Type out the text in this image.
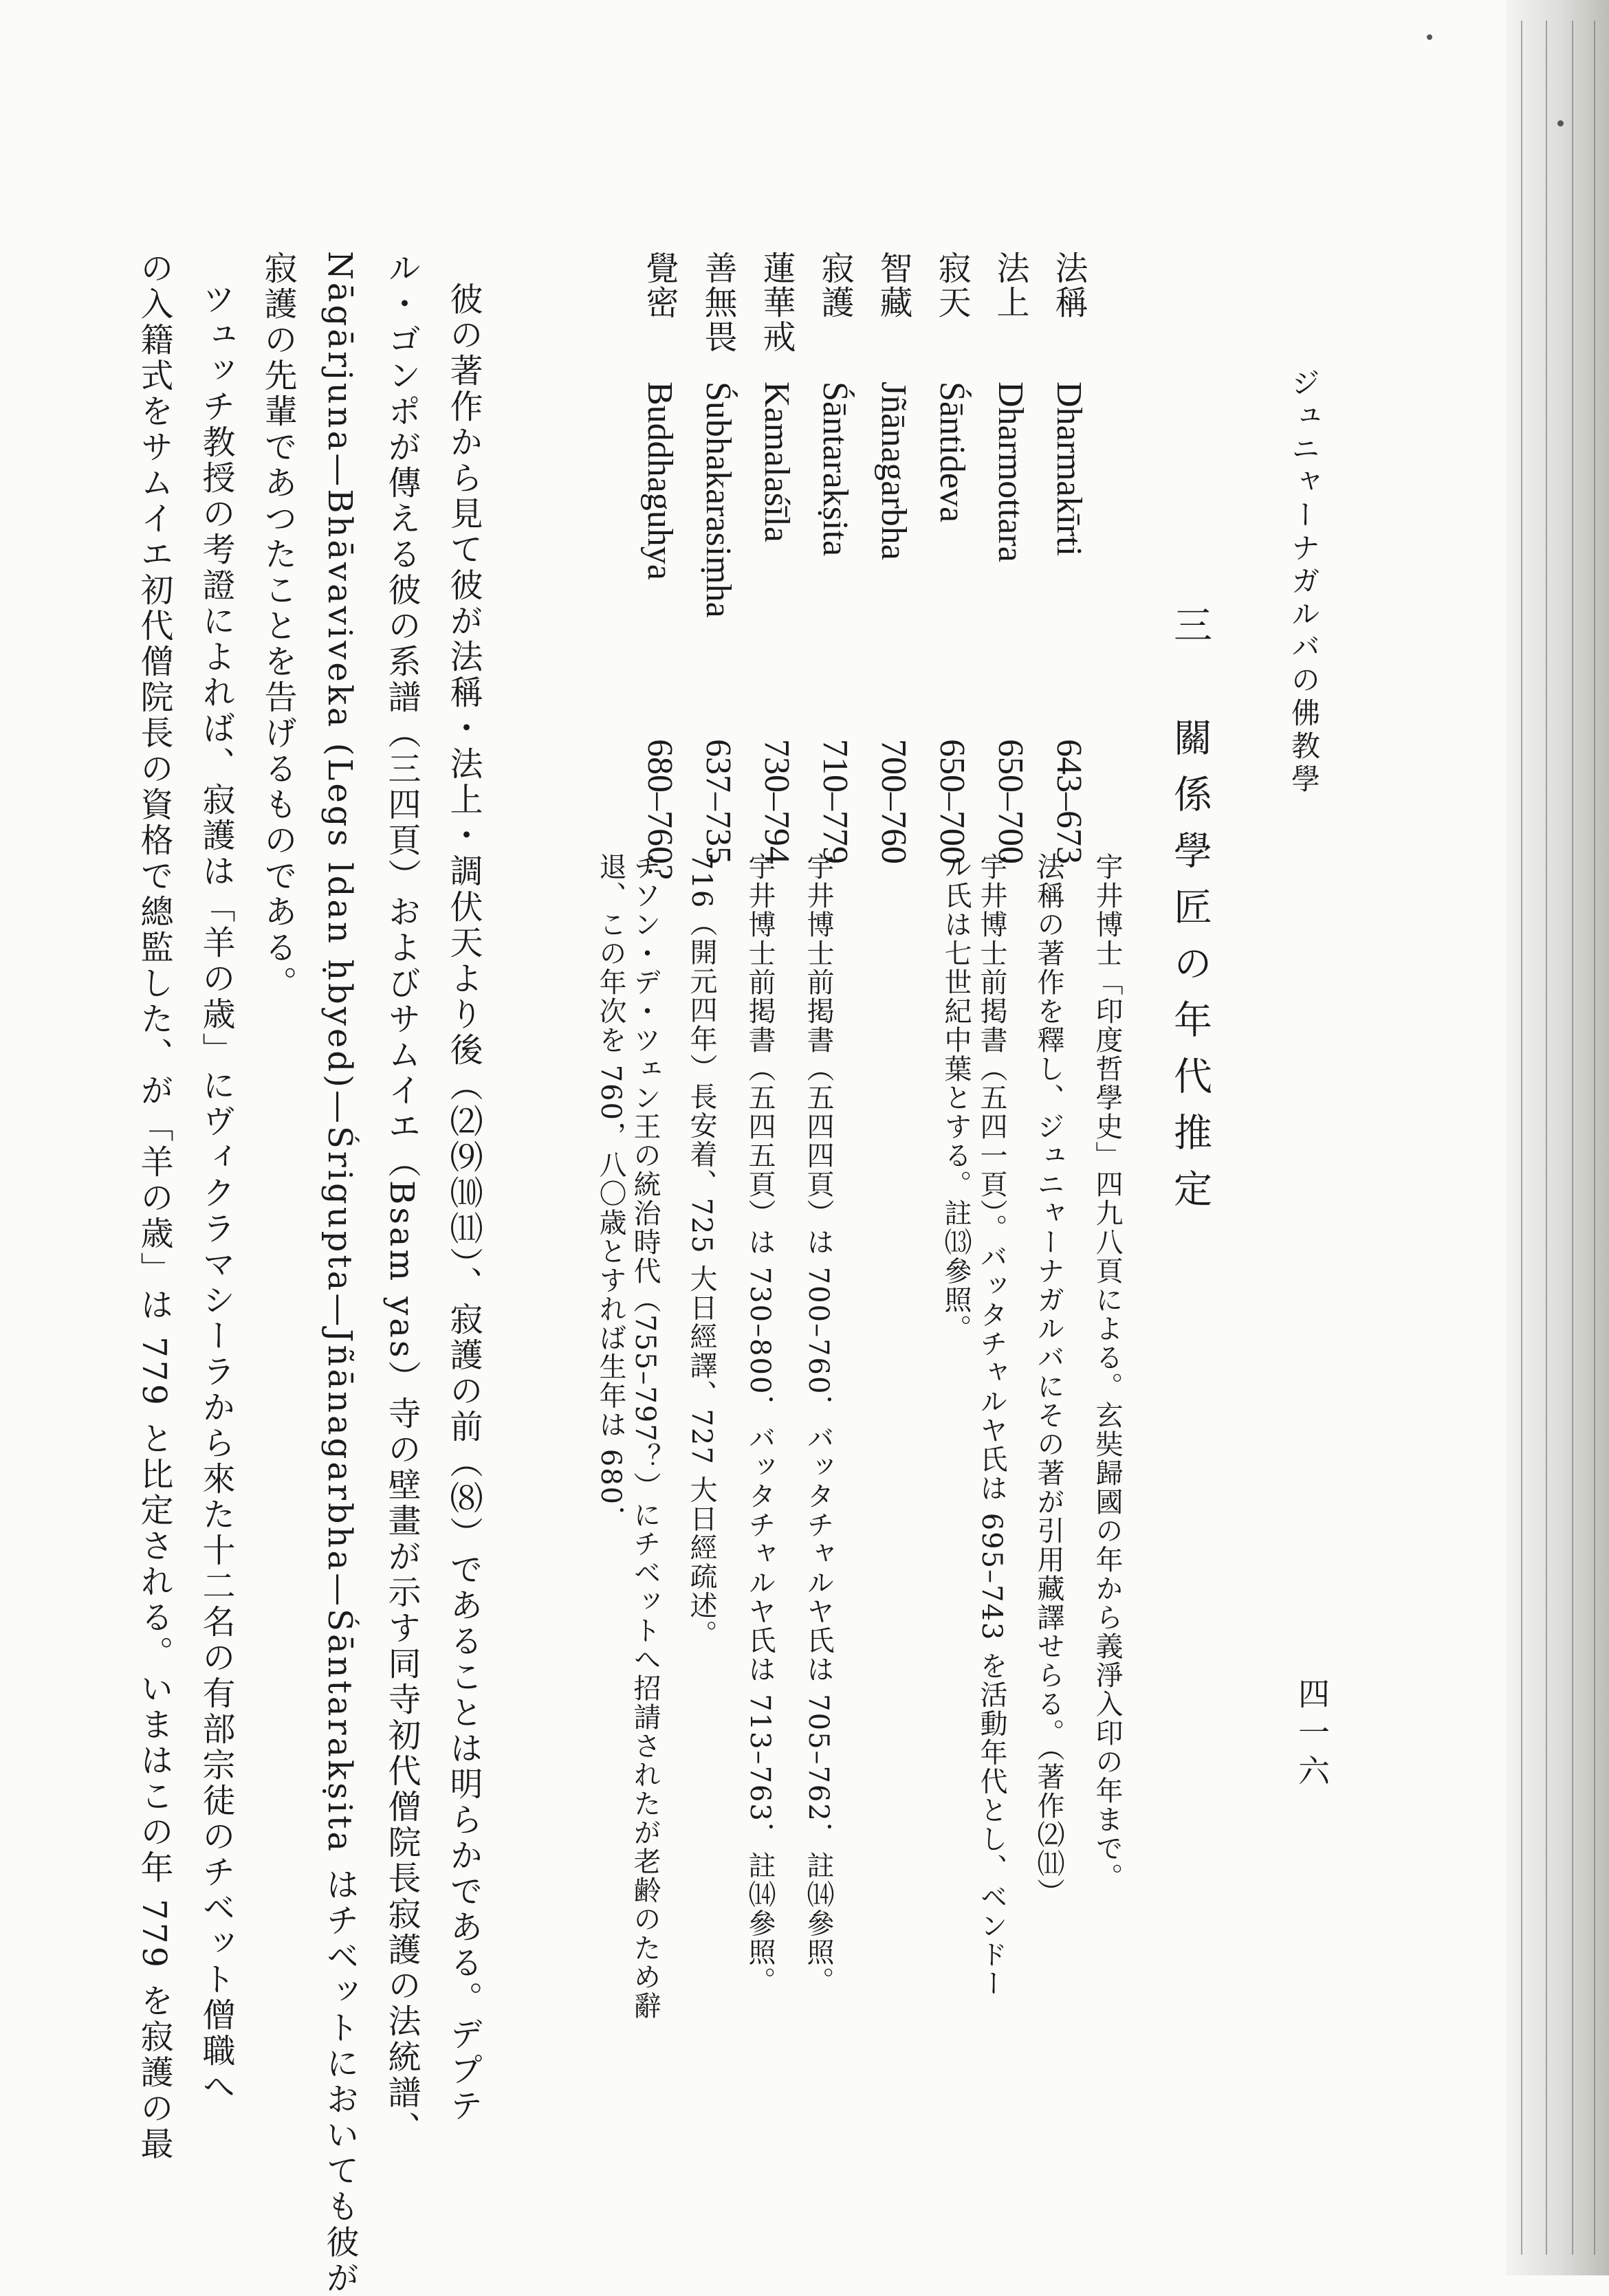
ジュニャーナガルバの佛教學
四一六
三　關係學匠の年代推定
法稱
法上
寂天
智藏
寂護
蓮華戒
善無畏
覺密
Dharmakīrti
Dharmottara
Śāntideva
Jñānagarbha
Śāntarakṣita
Kamalaśīla
Śubhakarasiṃha
Buddhaguhya
643–673
650–700
650–700
700–760
710–779
730–794
637–735
680–760?
宇井博士「印度哲學史」四九八頁による。玄奘歸國の年から義淨入印の年まで。
法稱の著作を釋し、ジュニャーナガルバにその著が引用藏譯せらる。（著作⑵⑾）
宇井博士前掲書（五四一頁）。バッタチャルヤ氏は 695–743 を活動年代とし、ベンドー
ル氏は七世紀中葉とする。註⒀參照。
宇井博士前掲書（五四四頁）は 700–760．バッタチャルヤ氏は 705–762．註⒁參照。
宇井博士前掲書（五四五頁）は 730–800．バッタチャルヤ氏は 713–763．註⒁參照。
716（開元四年）長安着、725 大日經譯、727 大日經疏述。
チソン・デ・ツェン王の統治時代（755–797？）にチベットへ招請されたが老齢のため辭
退、この年次を 760，八〇歳とすれば生年は 680．
彼の著作から見て彼が法稱・法上・調伏天より後（⑵⑼⑽⑾）、寂護の前（⑻）であることは明らかである。デプテ
ル・ゴンポが傳える彼の系譜（三四頁）およびサムイエ（Bsam yas）寺の壁畫が示す同寺初代僧院長寂護の法統譜、
Nāgārjuna—Bhāvaviveka (Legs ldan ḥbyed)—Śrigupta—Jñānagarbha—Śāntarakṣita はチベットにおいても彼が
寂護の先輩であつたことを告げるものである。
ツュッチ教授の考證によれば、寂護は「羊の歳」にヴィクラマシーラから來た十二名の有部宗徒のチベット僧職へ
の入籍式をサムイエ初代僧院長の資格で總監した、が「羊の歳」は 779 と比定される。いまはこの年 779 を寂護の最
